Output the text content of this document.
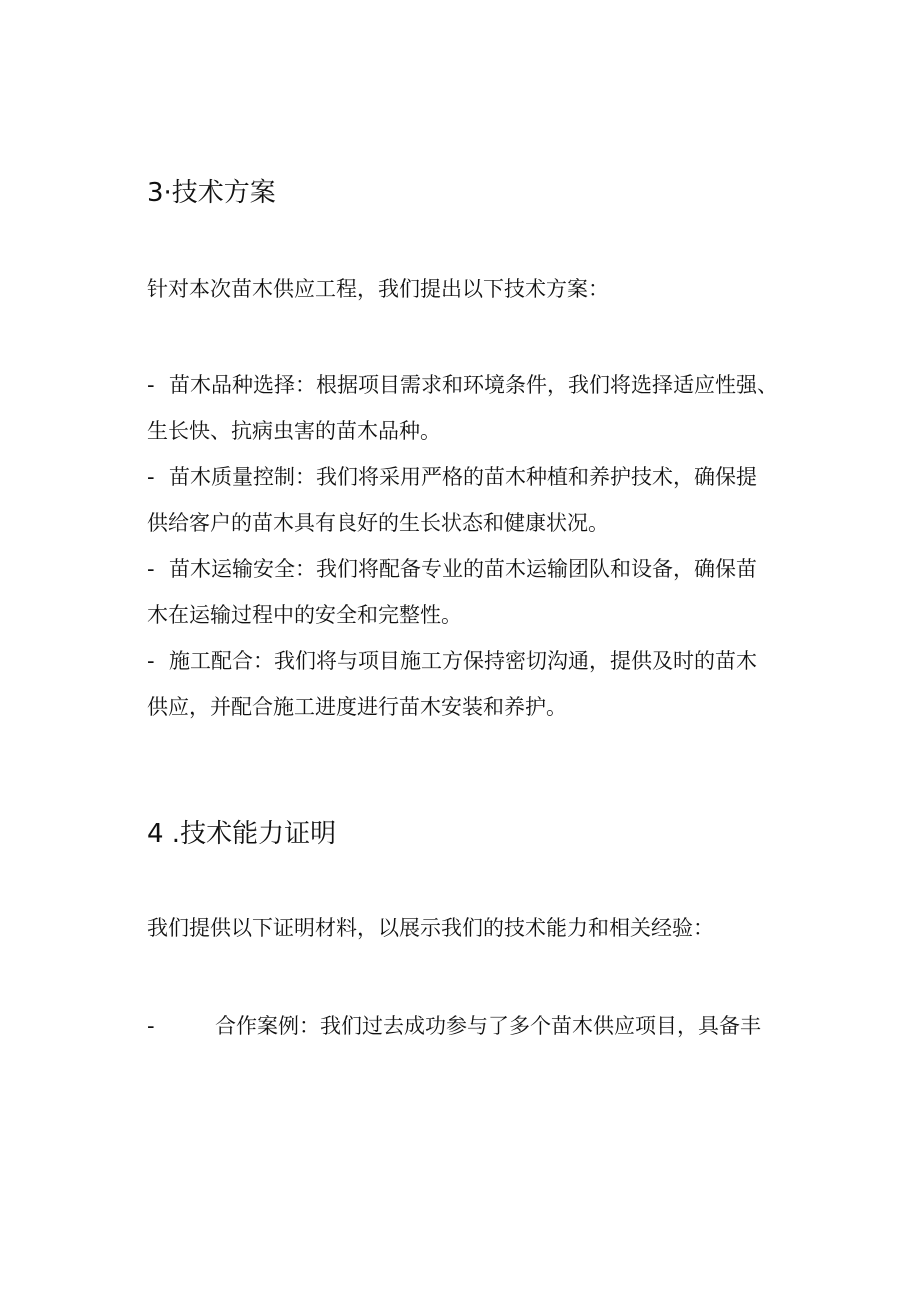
3·技术方案

针对本次苗木供应工程，我们提出以下技术方案：

- 苗木品种选择：根据项目需求和环境条件，我们将选择适应性强、
生长快、抗病虫害的苗木品种。
- 苗木质量控制：我们将采用严格的苗木种植和养护技术，确保提
供给客户的苗木具有良好的生长状态和健康状况。
- 苗木运输安全：我们将配备专业的苗木运输团队和设备，确保苗
木在运输过程中的安全和完整性。
- 施工配合：我们将与项目施工方保持密切沟通，提供及时的苗木
供应，并配合施工进度进行苗木安装和养护。
4 .技术能力证明

我们提供以下证明材料，以展示我们的技术能力和相关经验：

-	合作案例：我们过去成功参与了多个苗木供应项目，具备丰
